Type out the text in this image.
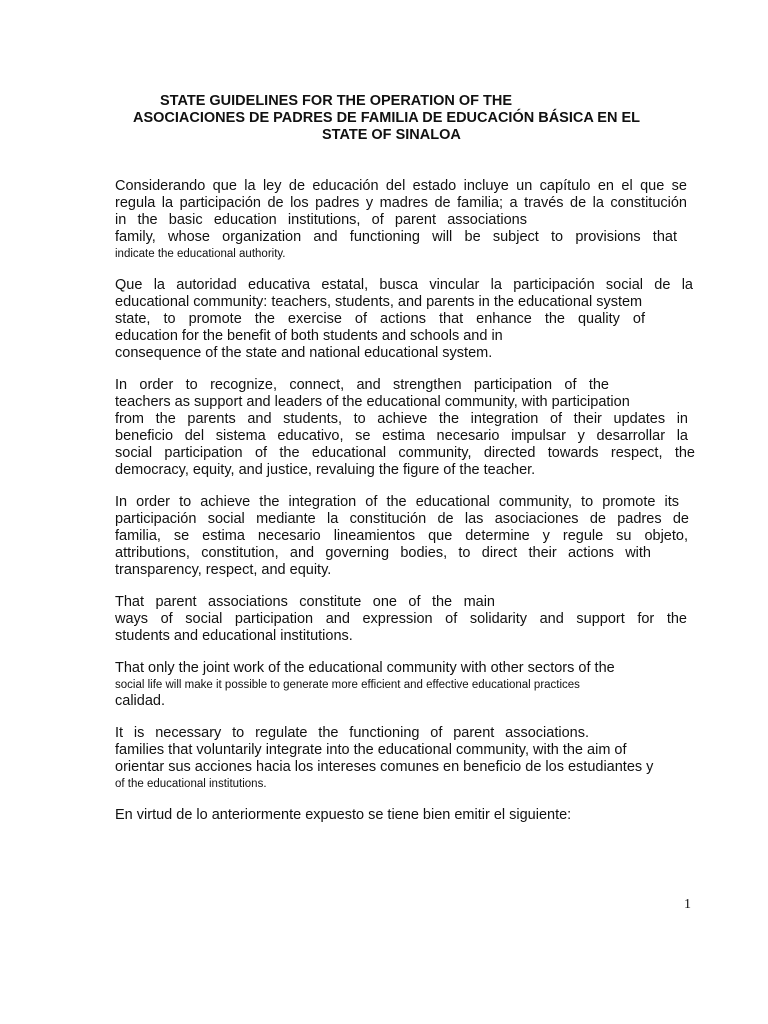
STATE GUIDELINES FOR THE OPERATION OF THE
ASOCIACIONES DE PADRES DE FAMILIA DE EDUCACIÓN BÁSICA EN EL
STATE OF SINALOA
Considerando que la ley de educación del estado incluye un capítulo en el que se
regula la participación de los padres y madres de familia; a través de la constitución
in the basic education institutions, of parent associations
family, whose organization and functioning will be subject to provisions that
indicate the educational authority.
Que la autoridad educativa estatal, busca vincular la participación social de la
educational community: teachers, students, and parents in the educational system
state, to promote the exercise of actions that enhance the quality of
education for the benefit of both students and schools and in
consequence of the state and national educational system.
In order to recognize, connect, and strengthen participation of the
teachers as support and leaders of the educational community, with participation
from the parents and students, to achieve the integration of their updates in
beneficio del sistema educativo, se estima necesario impulsar y desarrollar la
social participation of the educational community, directed towards respect, the
democracy, equity, and justice, revaluing the figure of the teacher.
In order to achieve the integration of the educational community, to promote its
participación social mediante la constitución de las asociaciones de padres de
familia, se estima necesario lineamientos que determine y regule su objeto,
attributions, constitution, and governing bodies, to direct their actions with
transparency, respect, and equity.
That parent associations constitute one of the main
ways of social participation and expression of solidarity and support for the
students and educational institutions.
That only the joint work of the educational community with other sectors of the
social life will make it possible to generate more efficient and effective educational practices
calidad.
It is necessary to regulate the functioning of parent associations.
families that voluntarily integrate into the educational community, with the aim of
orientar sus acciones hacia los intereses comunes en beneficio de los estudiantes y
of the educational institutions.
En virtud de lo anteriormente expuesto se tiene bien emitir el siguiente:
1
